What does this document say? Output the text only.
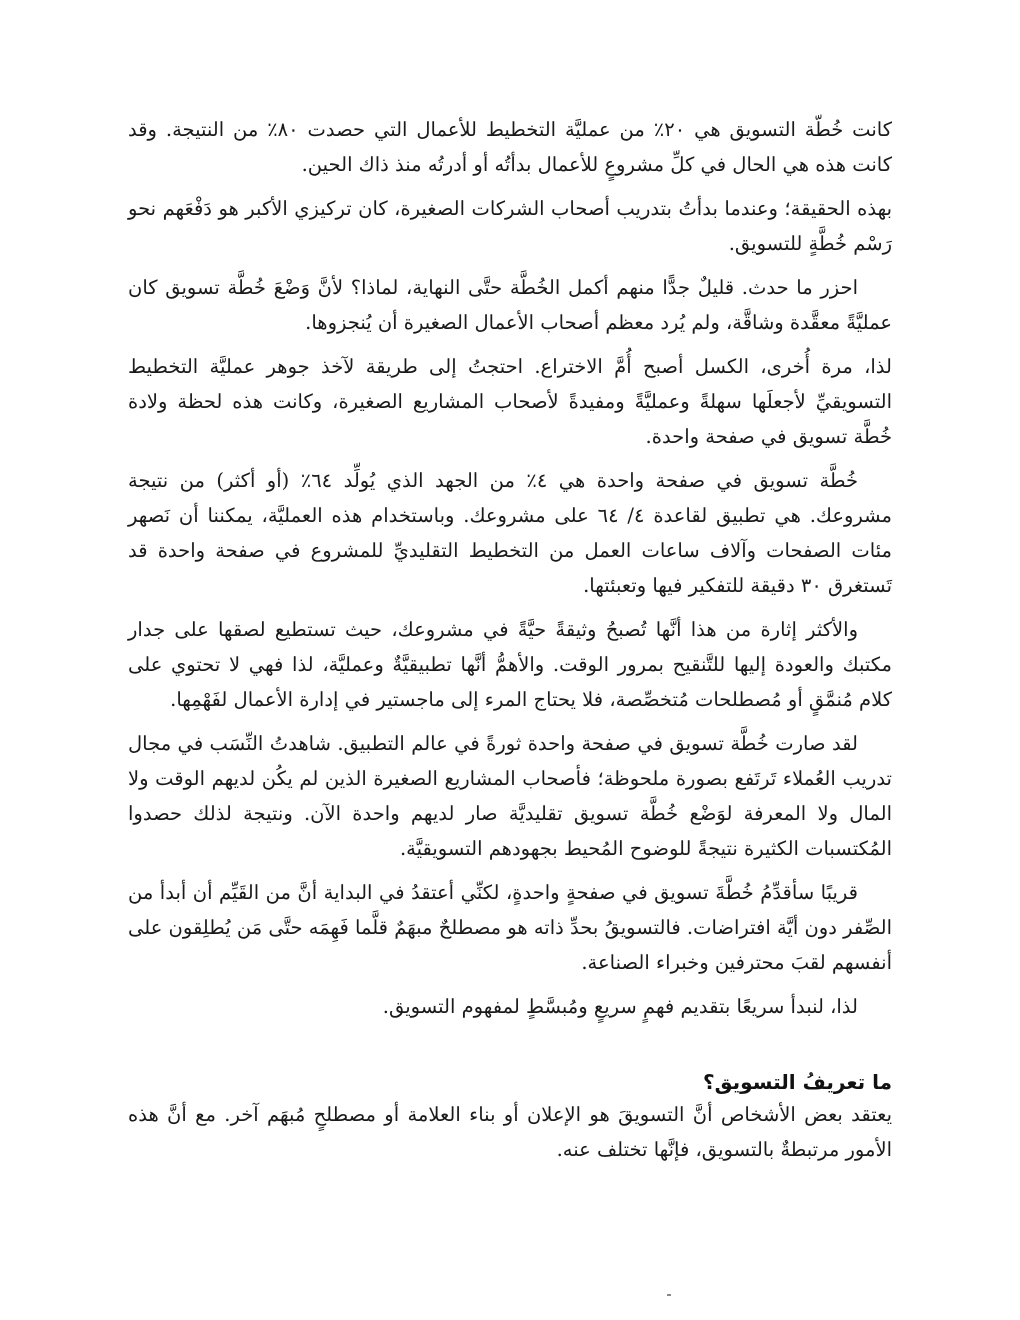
كانت خُطّة التسويق هي ٢٠٪ من عمليَّة التخطيط للأعمال التي حصدت ٨٠٪ من النتيجة. وقد كانت هذه هي الحال في كلِّ مشروعٍ للأعمال بدأتُه أو أدرتُه منذ ذاك الحين.

بهذه الحقيقة؛ وعندما بدأتُ بتدريب أصحاب الشركات الصغيرة، كان تركيزي الأكبر هو دَفْعَهم نحو رَسْم خُطَّةٍ للتسويق.

احزر ما حدث. قليلٌ جدًّا منهم أكمل الخُطَّة حتَّى النهاية، لماذا؟ لأنَّ وَضْعَ خُطَّة تسويق كان عمليَّةً معقَّدة وشاقَّة، ولم يُرد معظم أصحاب الأعمال الصغيرة أن يُنجزوها.

لذا، مرة أُخرى، الكسل أصبح أُمَّ الاختراع. احتجتُ إلى طريقة لآخذ جوهر عمليَّة التخطيط التسويقيِّ لأجعلَها سهلةً وعمليَّةً ومفيدةً لأصحاب المشاريع الصغيرة، وكانت هذه لحظة ولادة خُطَّة تسويق في صفحة واحدة.

خُطَّة تسويق في صفحة واحدة هي ٤٪ من الجهد الذي يُولِّد ٦٤٪ (أو أكثر) من نتيجة مشروعك. هي تطبيق لقاعدة ٤/ ٦٤ على مشروعك. وباستخدام هذه العمليَّة، يمكننا أن نَصهر مئات الصفحات وآلاف ساعات العمل من التخطيط التقليديِّ للمشروع في صفحة واحدة قد تَستغرق ٣٠ دقيقة للتفكير فيها وتعبئتها.

والأكثر إثارة من هذا أنَّها تُصبحُ وثيقةً حيَّةً في مشروعك، حيث تستطيع لصقها على جدار مكتبك والعودة إليها للتَّنقيح بمرور الوقت. والأهمُّ أنَّها تطبيقيَّةٌ وعمليَّة، لذا فهي لا تحتوي على كلام مُنمَّقٍ أو مُصطلحات مُتخصِّصة، فلا يحتاج المرء إلى ماجستير في إدارة الأعمال لفَهْمِها.

لقد صارت خُطَّة تسويق في صفحة واحدة ثورةً في عالم التطبيق. شاهدتُ النِّسَب في مجال تدريب العُملاء تَرتَفع بصورة ملحوظة؛ فأصحاب المشاريع الصغيرة الذين لم يكُن لديهم الوقت ولا المال ولا المعرفة لوَضْع خُطَّة تسويق تقليديَّة صار لديهم واحدة الآن. ونتيجة لذلك حصدوا المُكتسبات الكثيرة نتيجةً للوضوح المُحيط بجهودهم التسويقيَّة.

قريبًا سأقدِّمُ خُطَّةَ تسويق في صفحةٍ واحدةٍ، لكنِّي أعتقدُ في البداية أنَّ من القَيِّم أن أبدأ من الصِّفر دون أيَّة افتراضات. فالتسويقُ بحدِّ ذاته هو مصطلحٌ مبهَمٌ قلَّما فَهِمَه حتَّى مَن يُطلِقون على أنفسهم لقبَ محترفين وخبراء الصناعة.

لذا، لنبدأ سريعًا بتقديم فهمٍ سريعٍ ومُبسَّطٍ لمفهوم التسويق.

ما تعريفُ التسويق؟

يعتقد بعض الأشخاص أنَّ التسويقَ هو الإعلان أو بناء العلامة أو مصطلحٍ مُبهَم آخر. مع أنَّ هذه الأمور مرتبطةٌ بالتسويق، فإنَّها تختلف عنه.
